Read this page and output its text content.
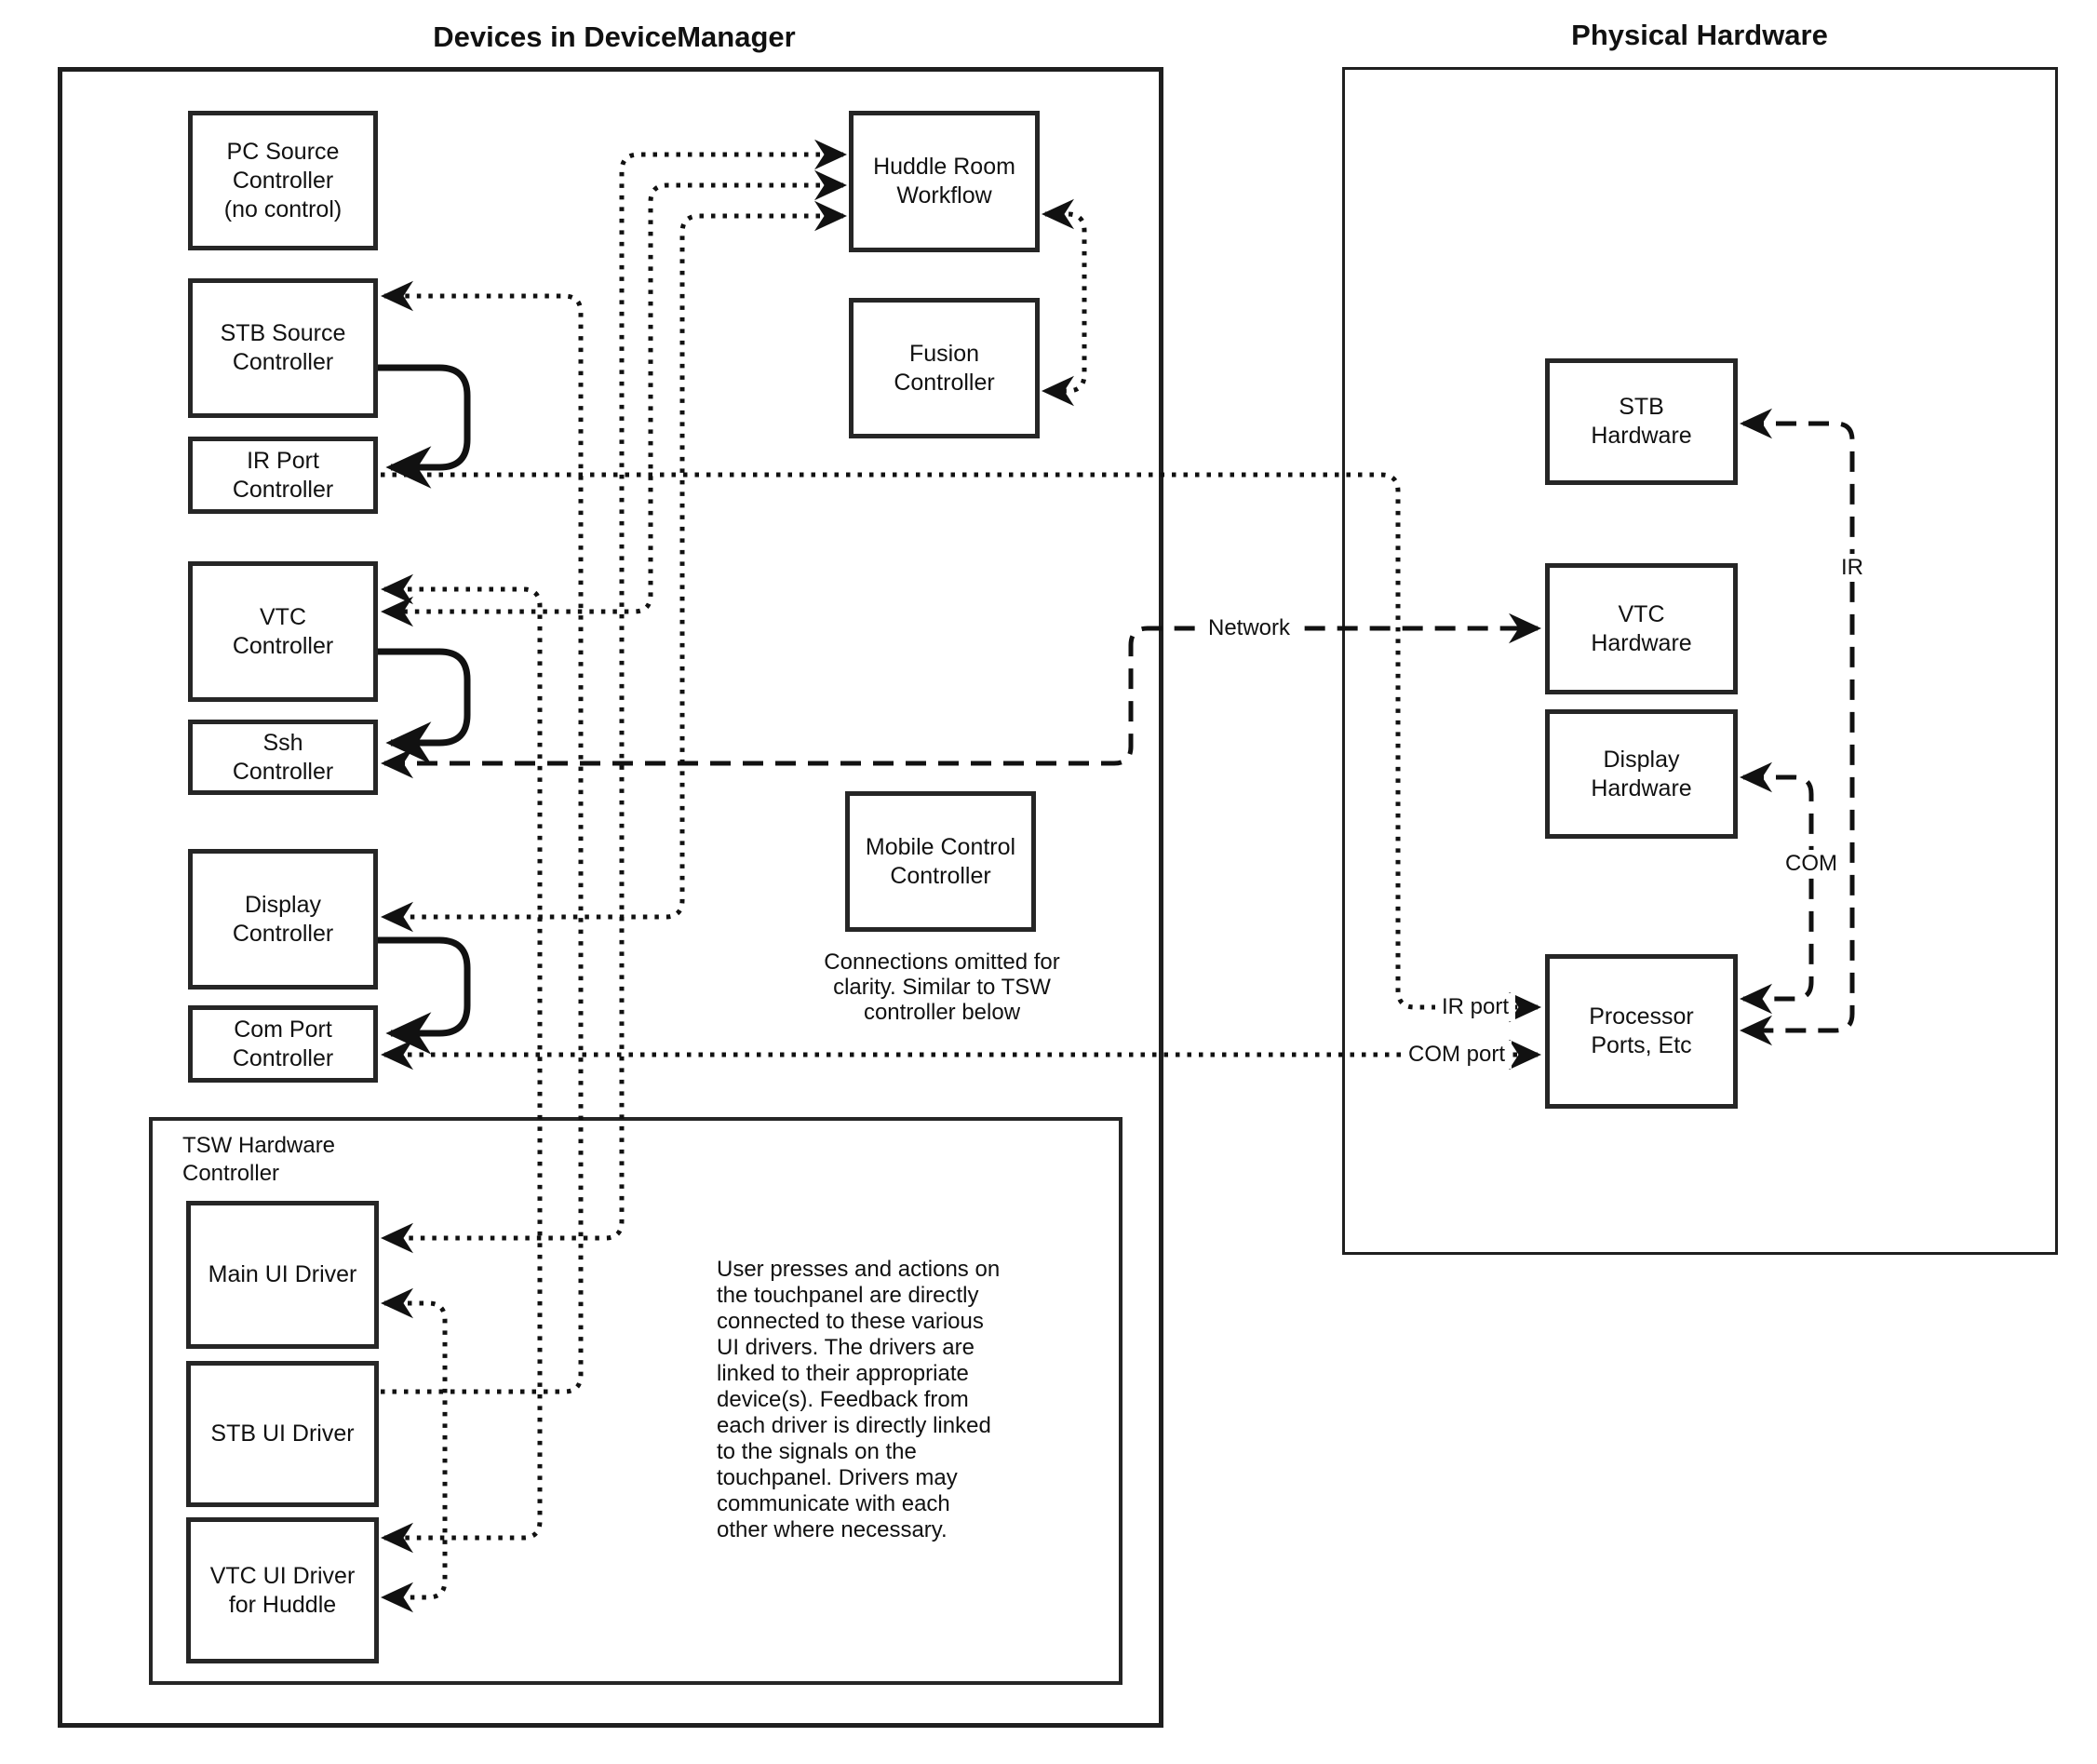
Devices in DeviceManager	Physical Hardware
PC Source
Controller
(no control)
STB Source
Controller
IR Port
Controller
VTC
Controller
Ssh
Controller
Display
Controller
Com Port
Controller
Huddle Room
Workflow
Fusion
Controller
Mobile Control
Controller
Main UI Driver
STB UI Driver
VTC UI Driver
for Huddle
STB
Hardware
VTC
Hardware
Display
Hardware
Processor
Ports, Etc
TSW Hardware
Controller
Connections omitted for
clarity. Similar to TSW
controller below
User presses and actions on
the touchpanel are directly
connected to these various
UI drivers. The drivers are
linked to their appropriate
device(s). Feedback from
each driver is directly linked
to the signals on the
touchpanel. Drivers may
communicate with each
other where necessary.
Network
IR
COM
IR port
COM port
